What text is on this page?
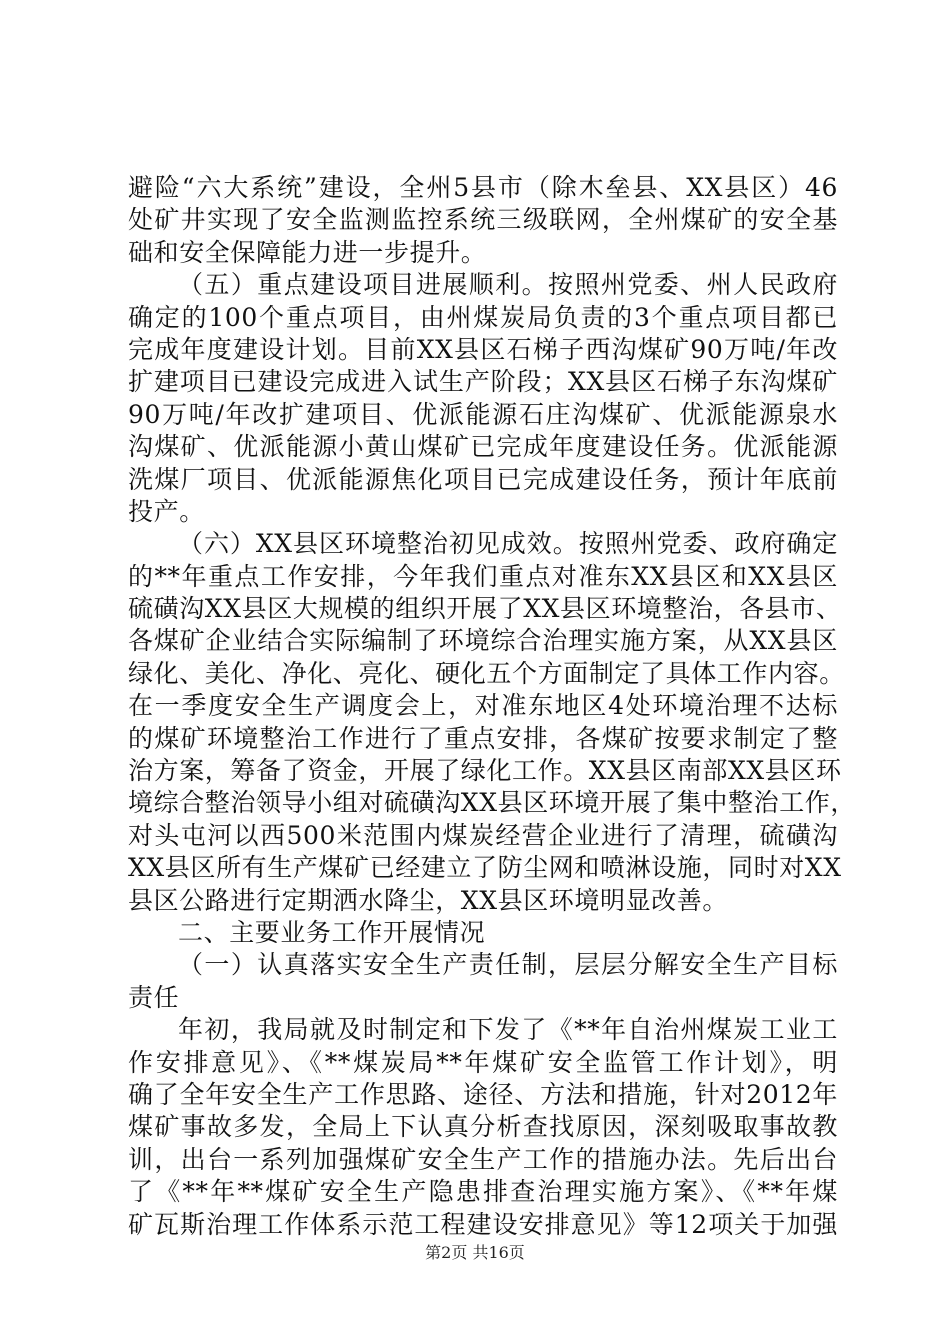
避险“六大系统”建设，全州5县市（除木垒县、XX县区）46
处矿井实现了安全监测监控系统三级联网，全州煤矿的安全基
础和安全保障能力进一步提升。
（五）重点建设项目进展顺利。按照州党委、州人民政府
确定的100个重点项目，由州煤炭局负责的3个重点项目都已
完成年度建设计划。目前XX县区石梯子西沟煤矿90万吨/年改
扩建项目已建设完成进入试生产阶段；XX县区石梯子东沟煤矿
90万吨/年改扩建项目、优派能源石庄沟煤矿、优派能源泉水
沟煤矿、优派能源小黄山煤矿已完成年度建设任务。优派能源
洗煤厂项目、优派能源焦化项目已完成建设任务，预计年底前
投产。
（六）XX县区环境整治初见成效。按照州党委、政府确定
的**年重点工作安排，今年我们重点对准东XX县区和XX县区
硫磺沟XX县区大规模的组织开展了XX县区环境整治，各县市、
各煤矿企业结合实际编制了环境综合治理实施方案，从XX县区
绿化、美化、净化、亮化、硬化五个方面制定了具体工作内容。
在一季度安全生产调度会上，对准东地区4处环境治理不达标
的煤矿环境整治工作进行了重点安排，各煤矿按要求制定了整
治方案，筹备了资金，开展了绿化工作。XX县区南部XX县区环
境综合整治领导小组对硫磺沟XX县区环境开展了集中整治工作，
对头屯河以西500米范围内煤炭经营企业进行了清理，硫磺沟
XX县区所有生产煤矿已经建立了防尘网和喷淋设施，同时对XX
县区公路进行定期洒水降尘，XX县区环境明显改善。
二、主要业务工作开展情况
（一）认真落实安全生产责任制，层层分解安全生产目标
责任
年初，我局就及时制定和下发了《**年自治州煤炭工业工
作安排意见》、《**煤炭局**年煤矿安全监管工作计划》，明
确了全年安全生产工作思路、途径、方法和措施，针对2012年
煤矿事故多发，全局上下认真分析查找原因，深刻吸取事故教
训，出台一系列加强煤矿安全生产工作的措施办法。先后出台
了《**年**煤矿安全生产隐患排查治理实施方案》、《**年煤
矿瓦斯治理工作体系示范工程建设安排意见》等12项关于加强
第2页 共16页
